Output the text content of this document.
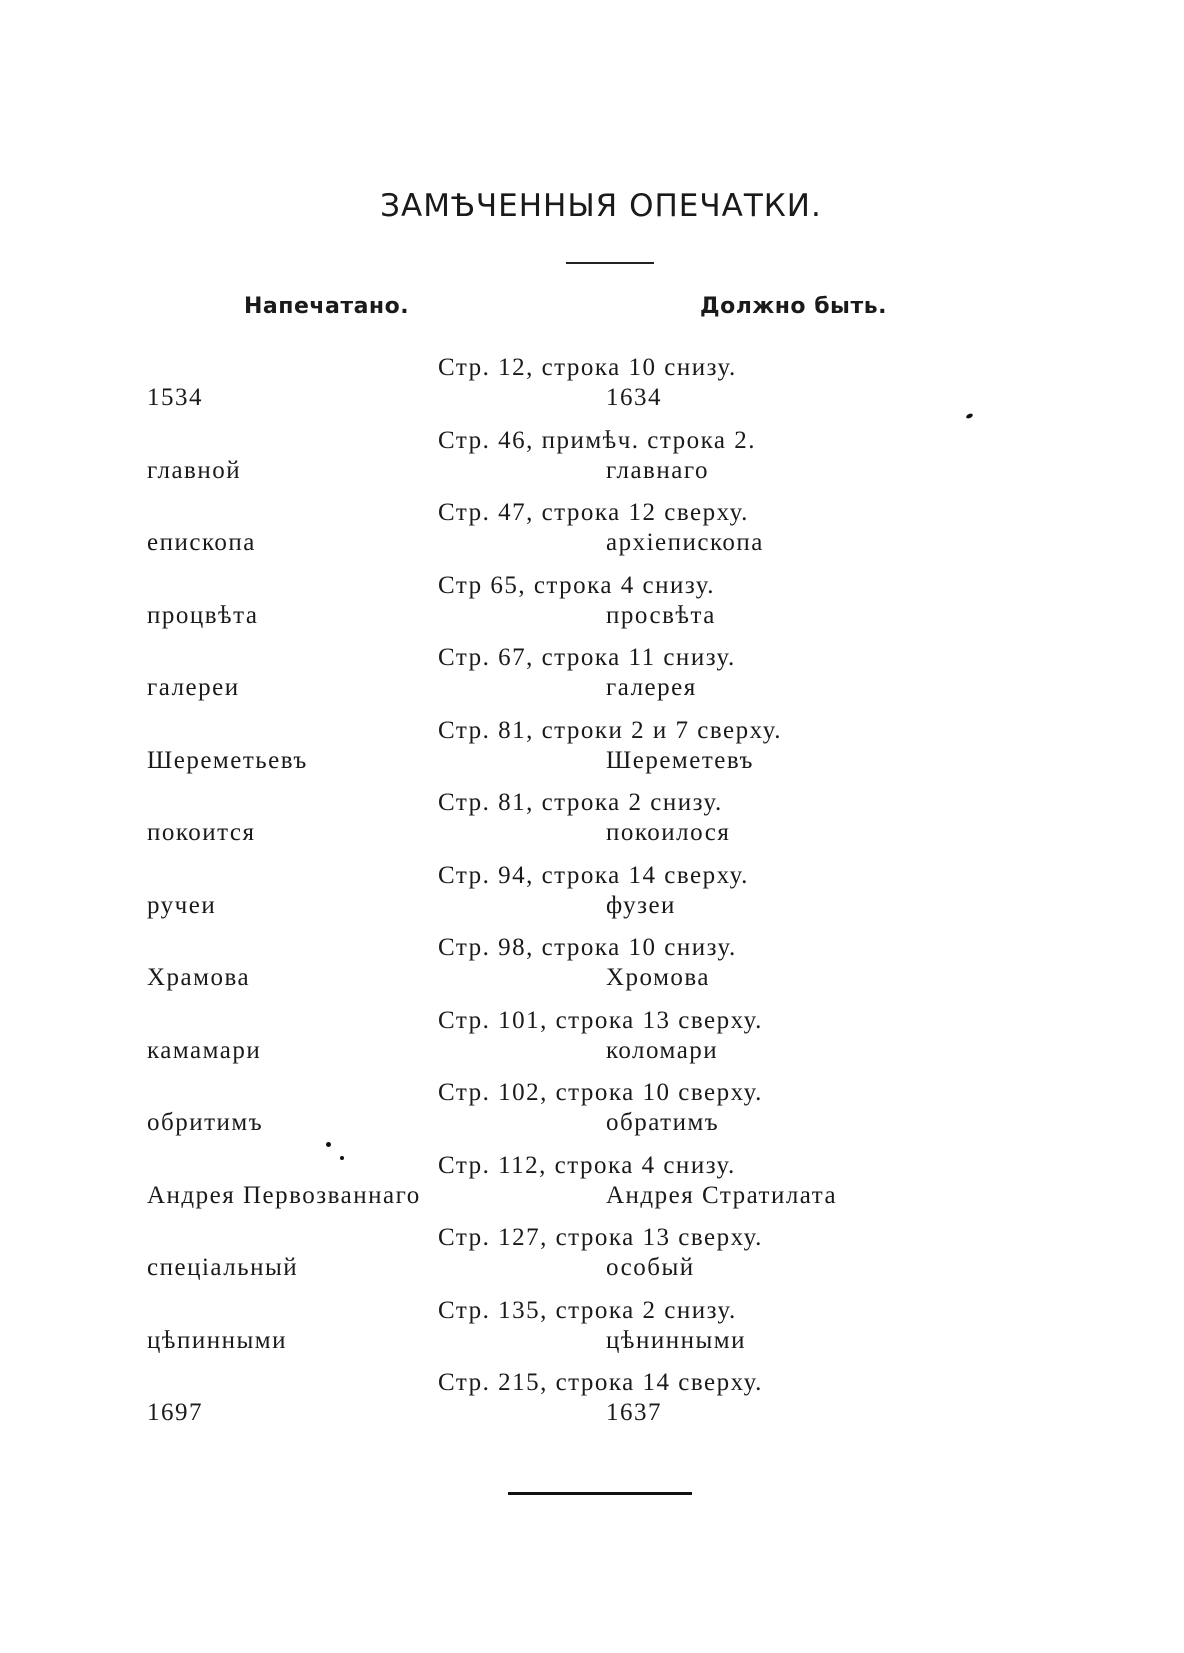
ЗАМѢЧЕННЫЯ ОПЕЧАТКИ.
Напечатано.	Должно быть.
Стр. 12, строка 10 снизу.
1534	1634
Стр. 46, примѣч. строка 2.
главной	главнаго
Стр. 47, строка 12 сверху.
епископа	архіепископа
Стр 65, строка 4 снизу.
процвѣта	просвѣта
Стр. 67, строка 11 снизу.
галереи	галерея
Стр. 81, строки 2 и 7 сверху.
Шереметьевъ	Шереметевъ
Стр. 81, строка 2 снизу.
покоится	покоилося
Стр. 94, строка 14 сверху.
ручеи	фузеи
Стр. 98, строка 10 снизу.
Храмова	Хромова
Стр. 101, строка 13 сверху.
камамари	коломари
Стр. 102, строка 10 сверху.
обритимъ	обратимъ
Стр. 112, строка 4 снизу.
Андрея Первозваннаго	Андрея Стратилата
Стр. 127, строка 13 сверху.
спеціальный	особый
Стр. 135, строка 2 снизу.
цѣпинными	цѣнинными
Стр. 215, строка 14 сверху.
1697	1637
